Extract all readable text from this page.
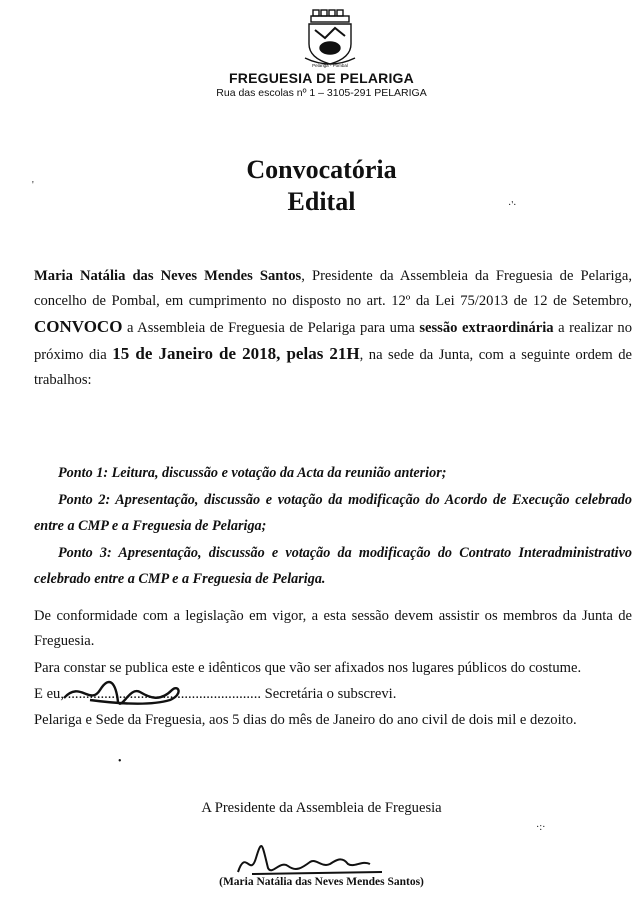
Pelariga - Pombal
FREGUESIA DE PELARIGA
Rua das escolas nº 1 – 3105-291 PELARIGA
Convocatória
Edital
Maria Natália das Neves Mendes Santos, Presidente da Assembleia da Freguesia de Pelariga, concelho de Pombal, em cumprimento no disposto no art. 12º da Lei 75/2013 de 12 de Setembro, CONVOCO a Assembleia de Freguesia de Pelariga para uma sessão extraordinária a realizar no próximo dia 15 de Janeiro de 2018, pelas 21H, na sede da Junta, com a seguinte ordem de trabalhos:
Ponto 1: Leitura, discussão e votação da Acta da reunião anterior;
Ponto 2: Apresentação, discussão e votação da modificação do Acordo de Execução celebrado entre a CMP e a Freguesia de Pelariga;
Ponto 3: Apresentação, discussão e votação da modificação do Contrato Interadministrativo celebrado entre a CMP e a Freguesia de Pelariga.
De conformidade com a legislação em vigor, a esta sessão devem assistir os membros da Junta de Freguesia.
Para constar se publica este e idênticos que vão ser afixados nos lugares públicos do costume.
E eu, ..................................................... Secretária o subscrevi.
Pelariga e Sede da Freguesia, aos 5 dias do mês de Janeiro do ano civil de dois mil e dezoito.
A Presidente da Assembleia de Freguesia
(Maria Natália das Neves Mendes Santos)
'
·'·
·:·
•
